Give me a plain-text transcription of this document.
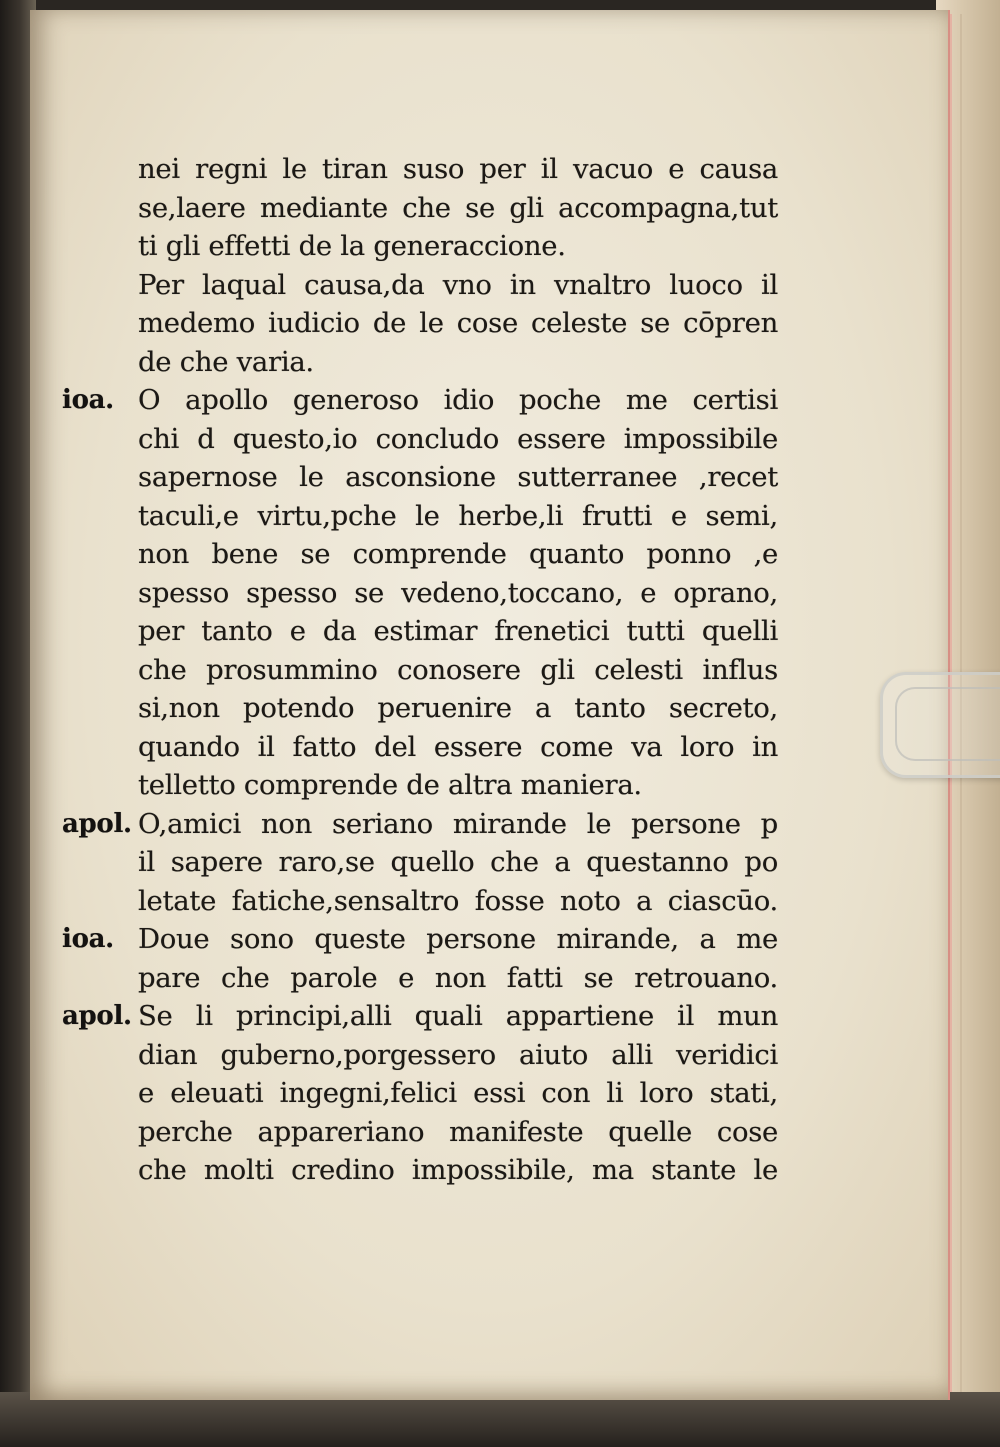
nei regni le tiran suso per il vacuo e causa
se,laere mediante che se gli accompagna,tut
ti gli effetti de la generaccione.
Per laqual causa,da vno in vnaltro luoco il
medemo iudicio de le cose celeste se cōpren
de che varia.
ioa. O apollo generoso idio poche me certisi
chi d questo,io concludo essere impossibile
sapernose le asconsione sutterranee ,recet
taculi,e virtu,pche le herbe,li frutti e semi,
non bene se comprende quanto ponno ,e
spesso spesso se vedeno,toccano, e oprano,
per tanto e da estimar frenetici tutti quelli
che prosummino conosere gli celesti influs
si,non potendo peruenire a tanto secreto,
quando il fatto del essere come va loro in
telletto comprende de altra maniera.
apol. O,amici non seriano mirande le persone p
il sapere raro,se quello che a questanno po
letate fatiche,sensaltro fosse noto a ciascūo.
ioa. Doue sono queste persone mirande, a me
pare che parole e non fatti se retrouano.
apol. Se li principi,alli quali appartiene il mun
dian guberno,porgessero aiuto alli veridici
e eleuati ingegni,felici essi con li loro stati,
perche appareriano manifeste quelle cose
che molti credino impossibile, ma stante le
